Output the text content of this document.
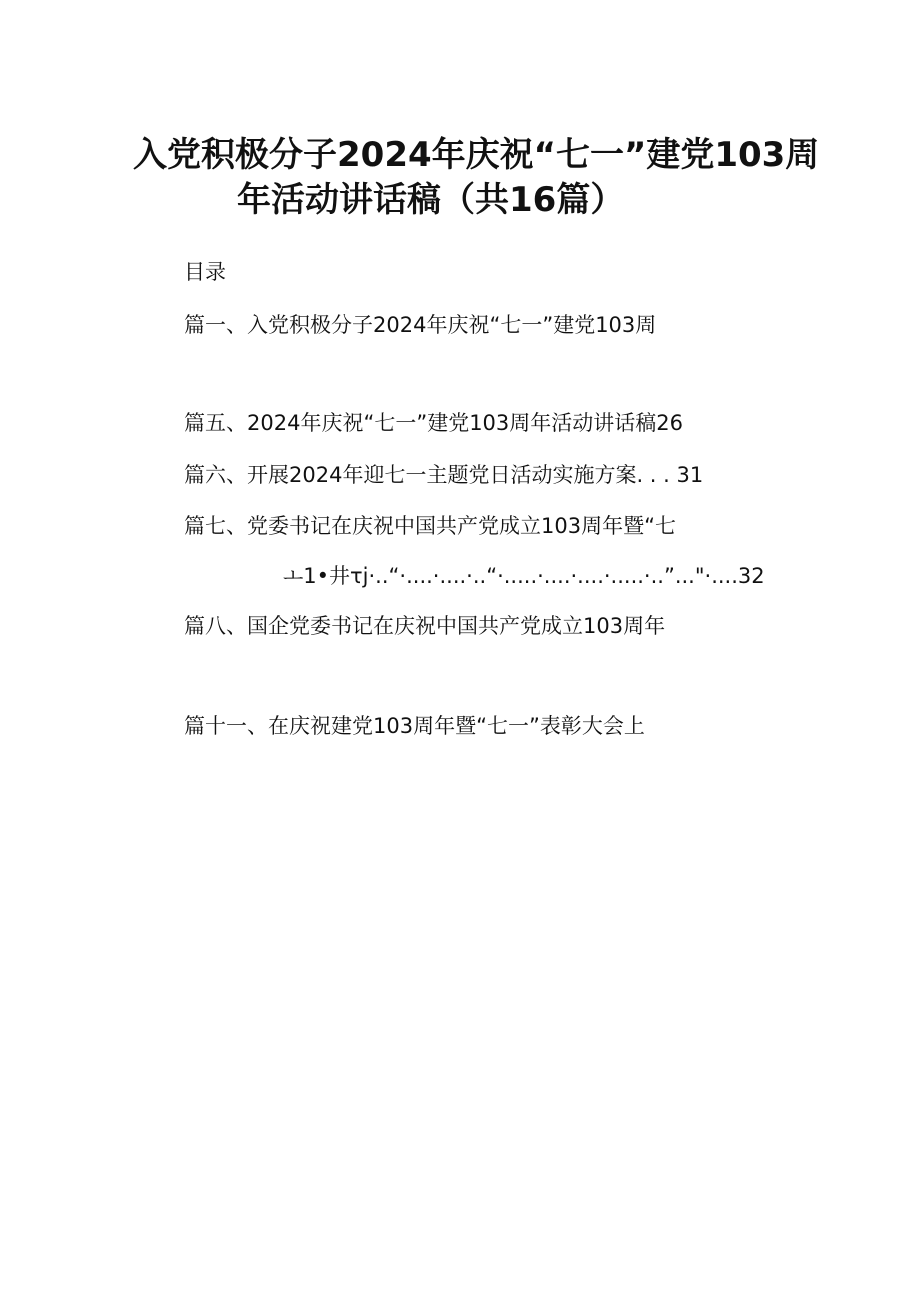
入党积极分子2024年庆祝“七一”建党103周
年活动讲话稿（共16篇）
目录
篇一、入党积极分子2024年庆祝“七一”建党103周
篇五、2024年庆祝“七一”建党103周年活动讲话稿26
篇六、开展2024年迎七一主题党日活动实施方案. . . 31
篇七、党委书记在庆祝中国共产党成立103周年暨“七
ㅗ1•井τj·..“·....·....·..“·.....·....·....·.....·..”..."·....32
篇八、国企党委书记在庆祝中国共产党成立103周年
篇十一、在庆祝建党103周年暨“七一”表彰大会上
